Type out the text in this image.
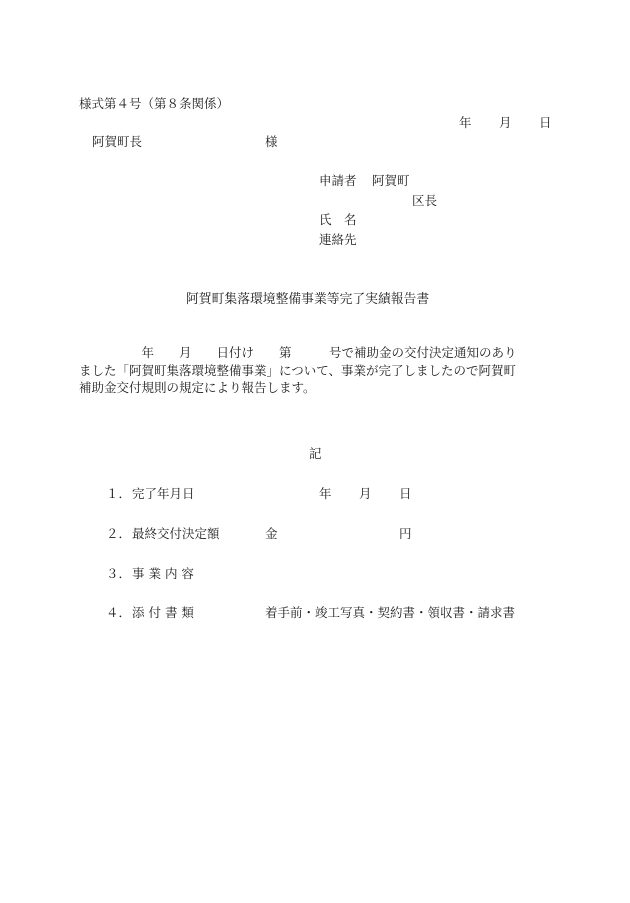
様式第４号（第８条関係）
年 月 日
阿賀町長	様
申請者 阿賀町
区長
氏　名
連絡先
阿賀町集落環境整備事業等完了実績報告書
　　　　　年　　月　　日付け　　第　　　号で補助金の交付決定通知のあり
ました「阿賀町集落環境整備事業」について、事業が完了しましたので阿賀町
補助金交付規則の規定により報告します。
記
１． 完了年月日	年 月 日
２． 最終交付決定額	金	円
３． 事 業 内 容
４． 添 付 書 類	着手前・竣工写真・契約書・領収書・請求書
